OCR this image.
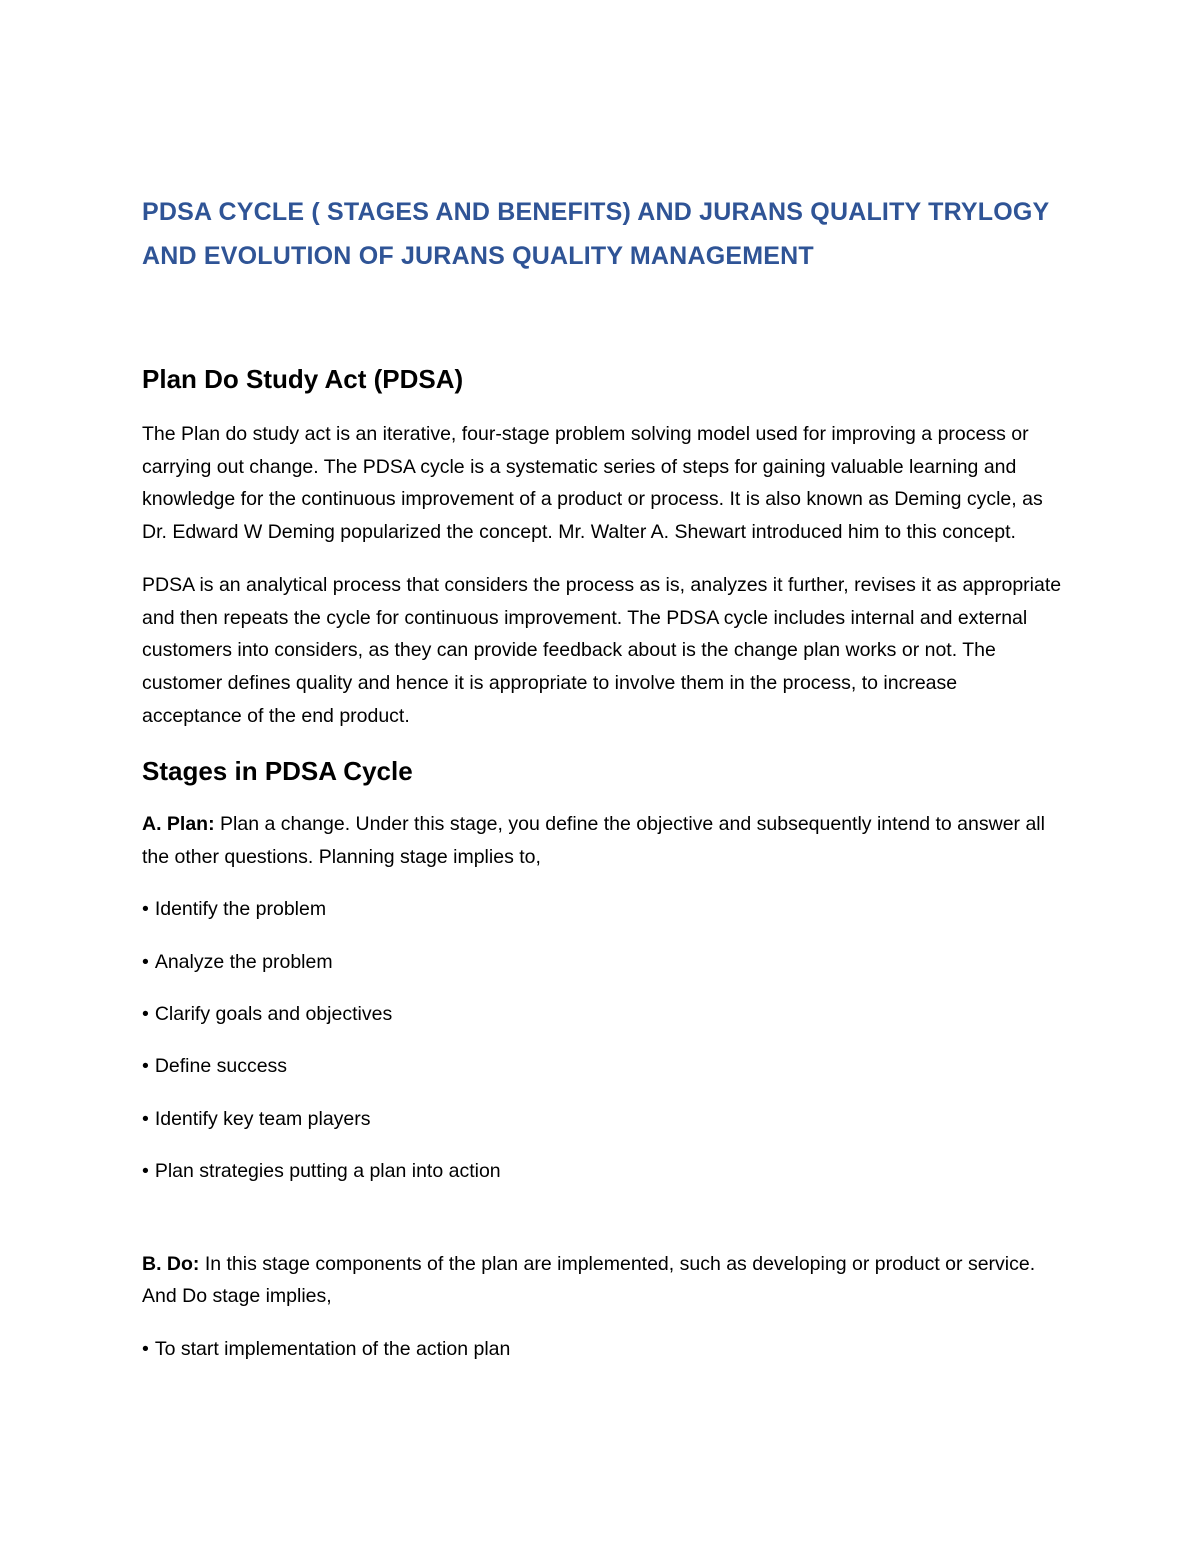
PDSA CYCLE ( STAGES AND BENEFITS) AND JURANS QUALITY TRYLOGY
AND EVOLUTION OF JURANS QUALITY MANAGEMENT
Plan Do Study Act (PDSA)

The Plan do study act is an iterative, four-stage problem solving model used for improving a process or carrying out change. The PDSA cycle is a systematic series of steps for gaining valuable learning and knowledge for the continuous improvement of a product or process. It is also known as Deming cycle, as Dr. Edward W Deming popularized the concept. Mr. Walter A. Shewart introduced him to this concept.

PDSA is an analytical process that considers the process as is, analyzes it further, revises it as appropriate and then repeats the cycle for continuous improvement. The PDSA cycle includes internal and external customers into considers, as they can provide feedback about is the change plan works or not. The customer defines quality and hence it is appropriate to involve them in the process, to increase acceptance of the end product.

Stages in PDSA Cycle

A. Plan: Plan a change. Under this stage, you define the objective and subsequently intend to answer all the other questions. Planning stage implies to,

• Identify the problem
• Analyze the problem
• Clarify goals and objectives
• Define success
• Identify key team players
• Plan strategies putting a plan into action

B. Do: In this stage components of the plan are implemented, such as developing or product or service. And Do stage implies,

• To start implementation of the action plan
